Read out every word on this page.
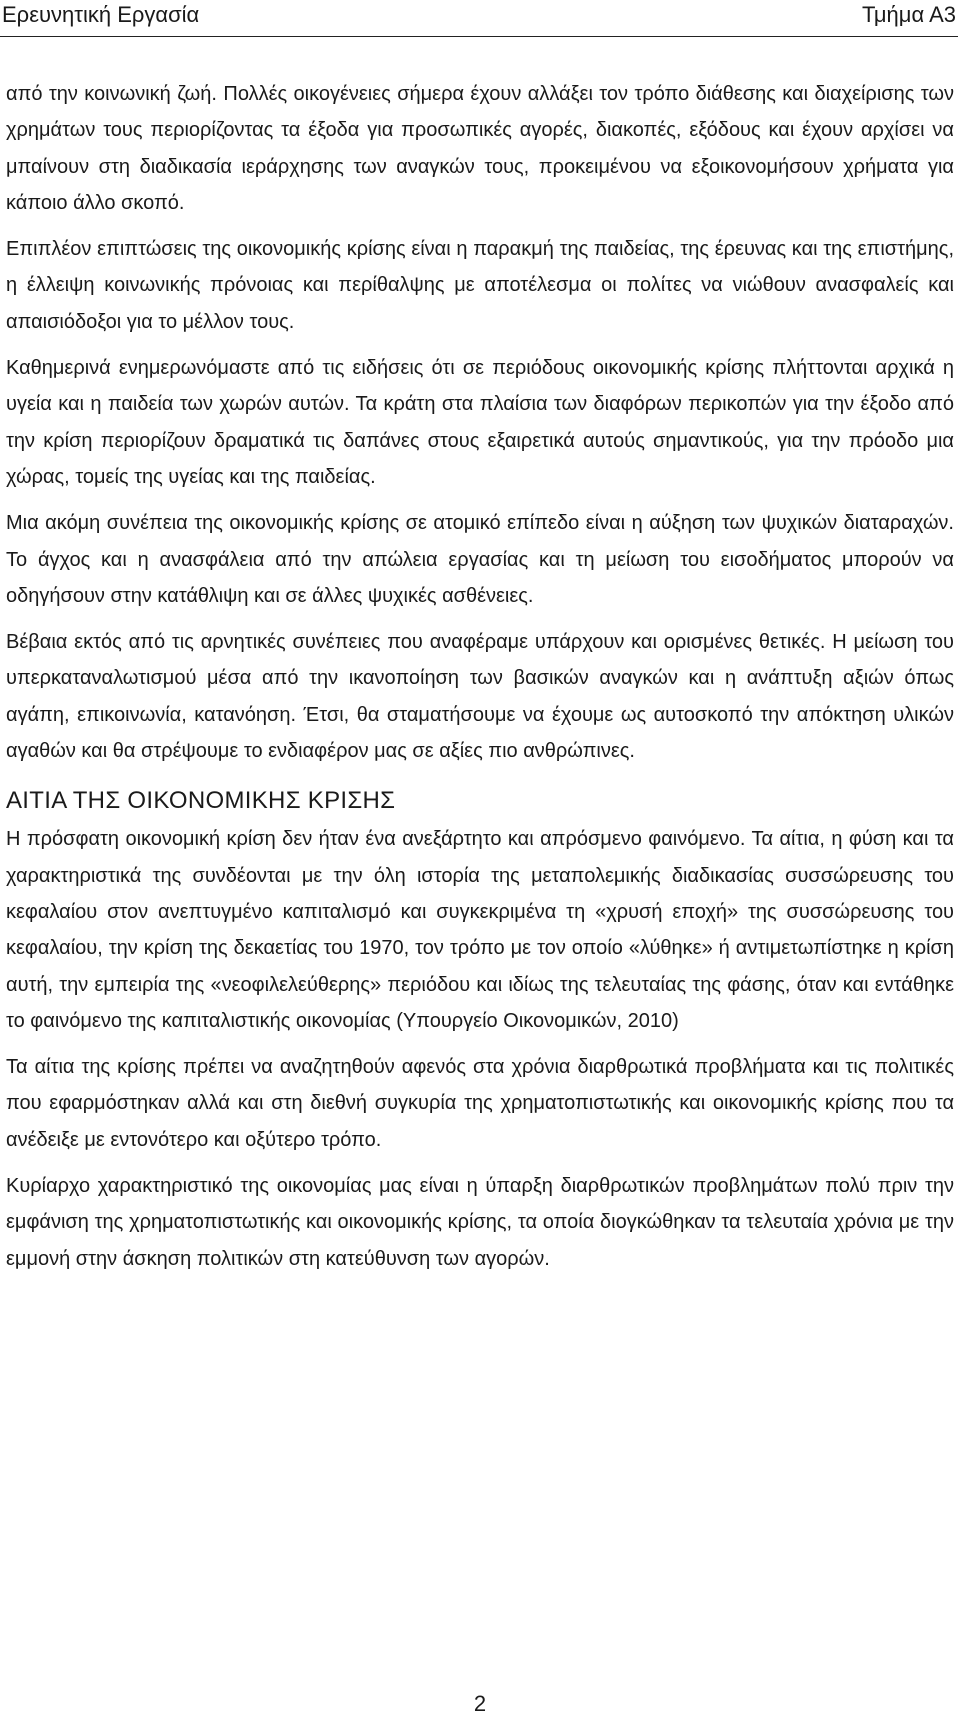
Ερευνητική Εργασία	Τμήμα Α3

από την κοινωνική ζωή. Πολλές οικογένειες σήμερα έχουν αλλάξει τον τρόπο διάθεσης και διαχείρισης των χρημάτων τους περιορίζοντας τα έξοδα για προσωπικές αγορές, διακοπές, εξόδους και έχουν αρχίσει να μπαίνουν στη διαδικασία ιεράρχησης των αναγκών τους, προκειμένου να εξοικονομήσουν χρήματα για κάποιο άλλο σκοπό.

Επιπλέον επιπτώσεις της οικονομικής κρίσης είναι η παρακμή της παιδείας, της έρευνας και της επιστήμης, η έλλειψη κοινωνικής πρόνοιας και περίθαλψης με αποτέλεσμα οι πολίτες να νιώθουν ανασφαλείς και απαισιόδοξοι για το μέλλον τους.

Καθημερινά ενημερωνόμαστε από τις ειδήσεις ότι σε περιόδους οικονομικής κρίσης πλήττονται αρχικά η υγεία και η παιδεία των χωρών αυτών. Τα κράτη στα πλαίσια των διαφόρων περικοπών για την έξοδο από την κρίση περιορίζουν δραματικά τις δαπάνες στους εξαιρετικά αυτούς σημαντικούς, για την πρόοδο μια χώρας, τομείς της υγείας και της παιδείας.

Μια ακόμη συνέπεια της οικονομικής κρίσης σε ατομικό επίπεδο είναι η αύξηση των ψυχικών διαταραχών. Το άγχος και η ανασφάλεια από την απώλεια εργασίας και τη μείωση του εισοδήματος μπορούν να οδηγήσουν στην κατάθλιψη και σε άλλες ψυχικές ασθένειες.

Βέβαια εκτός από τις αρνητικές συνέπειες που αναφέραμε υπάρχουν και ορισμένες θετικές. Η μείωση του υπερκαταναλωτισμού μέσα από την ικανοποίηση των βασικών αναγκών και η ανάπτυξη αξιών όπως αγάπη, επικοινωνία, κατανόηση. Έτσι, θα σταματήσουμε να έχουμε ως αυτοσκοπό την απόκτηση υλικών αγαθών και θα στρέψουμε το ενδιαφέρον μας σε αξίες πιο ανθρώπινες.

ΑΙΤΙΑ ΤΗΣ ΟΙΚΟΝΟΜΙΚΗΣ ΚΡΙΣΗΣ

Η πρόσφατη οικονομική κρίση δεν ήταν ένα ανεξάρτητο και απρόσμενο φαινόμενο. Τα αίτια, η φύση και τα χαρακτηριστικά της συνδέονται με την όλη ιστορία της μεταπολεμικής διαδικασίας συσσώρευσης του κεφαλαίου στον ανεπτυγμένο καπιταλισμό και συγκεκριμένα τη «χρυσή εποχή» της συσσώρευσης του κεφαλαίου, την κρίση της δεκαετίας του 1970, τον τρόπο με τον οποίο «λύθηκε» ή αντιμετωπίστηκε η κρίση αυτή, την εμπειρία της «νεοφιλελεύθερης» περιόδου και ιδίως της τελευταίας της φάσης, όταν και εντάθηκε το φαινόμενο της καπιταλιστικής οικονομίας (Υπουργείο Οικονομικών, 2010)

Τα αίτια της κρίσης πρέπει να αναζητηθούν αφενός στα χρόνια διαρθρωτικά προβλήματα και τις πολιτικές που εφαρμόστηκαν αλλά και στη διεθνή συγκυρία της χρηματοπιστωτικής και οικονομικής κρίσης που τα ανέδειξε με εντονότερο και οξύτερο τρόπο.

Κυρίαρχο χαρακτηριστικό της οικονομίας μας είναι η ύπαρξη διαρθρωτικών προβλημάτων πολύ πριν την εμφάνιση της χρηματοπιστωτικής και οικονομικής κρίσης, τα οποία διογκώθηκαν τα τελευταία χρόνια με την εμμονή στην άσκηση πολιτικών στη κατεύθυνση των αγορών.

2
